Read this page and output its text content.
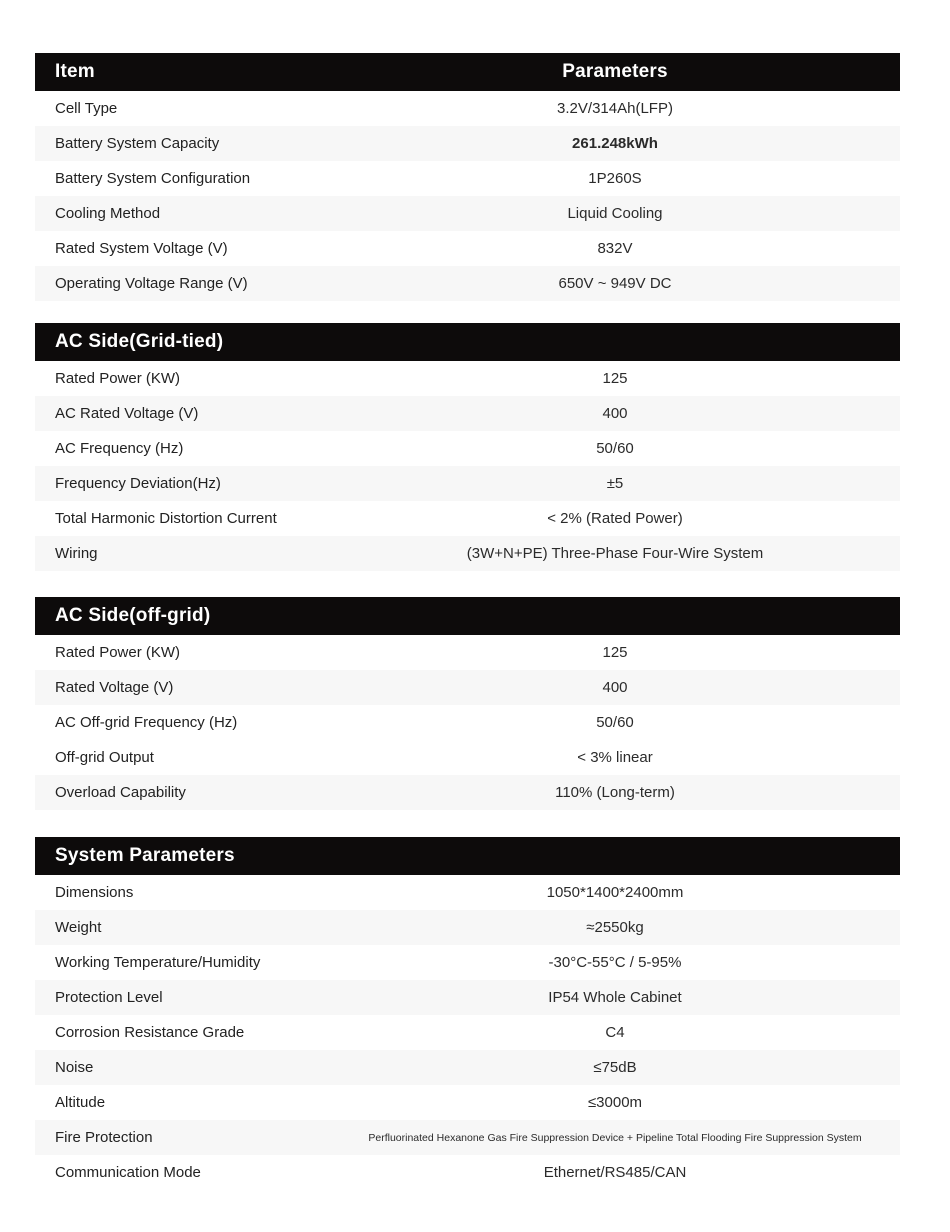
Item	Parameters
Cell Type	3.2V/314Ah(LFP)
Battery System Capacity	261.248kWh
Battery System Configuration	1P260S
Cooling Method	Liquid Cooling
Rated System Voltage (V)	832V
Operating Voltage Range (V)	650V ~ 949V DC
AC Side(Grid-tied)
Rated Power (KW)	125
AC Rated Voltage (V)	400
AC Frequency (Hz)	50/60
Frequency Deviation(Hz)	±5
Total Harmonic Distortion Current	< 2% (Rated Power)
Wiring	(3W+N+PE) Three-Phase Four-Wire System
AC Side(off-grid)
Rated Power (KW)	125
Rated Voltage (V)	400
AC Off-grid Frequency (Hz)	50/60
Off-grid Output	< 3% linear
Overload Capability	110% (Long-term)
System Parameters
Dimensions	1050*1400*2400mm
Weight	≈2550kg
Working Temperature/Humidity	-30°C-55°C / 5-95%
Protection Level	IP54 Whole Cabinet
Corrosion Resistance Grade	C4
Noise	≤75dB
Altitude	≤3000m
Fire Protection	Perfluorinated Hexanone Gas Fire Suppression Device + Pipeline Total Flooding Fire Suppression System
Communication Mode	Ethernet/RS485/CAN
